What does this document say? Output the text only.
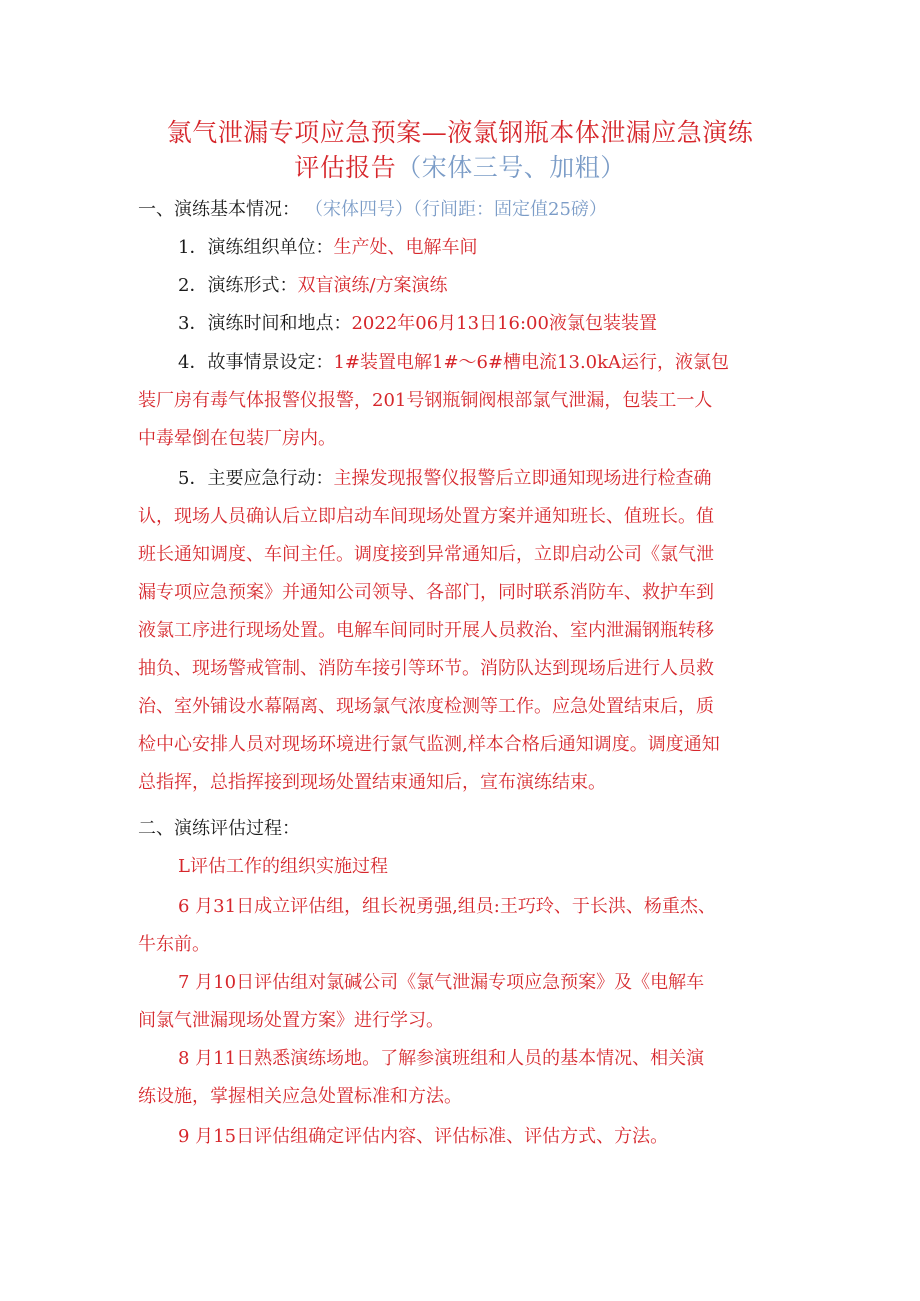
氯气泄漏专项应急预案—液氯钢瓶本体泄漏应急演练
评估报告（宋体三号、加粗）
一、演练基本情况： （宋体四号）（行间距：固定值25磅）
1．演练组织单位：生产处、电解车间
2．演练形式：双盲演练/方案演练
3．演练时间和地点：2022年06月13日16:00液氯包装装置
4．故事情景设定：1#装置电解1#～6#槽电流13.0kA运行，液氯包
装厂房有毒气体报警仪报警，201号钢瓶铜阀根部氯气泄漏，包装工一人
中毒晕倒在包装厂房内。
5．主要应急行动：主操发现报警仪报警后立即通知现场进行检查确
认，现场人员确认后立即启动车间现场处置方案并通知班长、值班长。值
班长通知调度、车间主任。调度接到异常通知后，立即启动公司《氯气泄
漏专项应急预案》并通知公司领导、各部门，同时联系消防车、救护车到
液氯工序进行现场处置。电解车间同时开展人员救治、室内泄漏钢瓶转移
抽负、现场警戒管制、消防车接引等环节。消防队达到现场后进行人员救
治、室外铺设水幕隔离、现场氯气浓度检测等工作。应急处置结束后，质
检中心安排人员对现场环境进行氯气监测,样本合格后通知调度。调度通知
总指挥，总指挥接到现场处置结束通知后，宣布演练结束。
二、演练评估过程：
L评估工作的组织实施过程
6 月31日成立评估组，组长祝勇强,组员:王巧玲、于长洪、杨重杰、
牛东前。
7 月10日评估组对氯碱公司《氯气泄漏专项应急预案》及《电解车
间氯气泄漏现场处置方案》进行学习。
8 月11日熟悉演练场地。了解参演班组和人员的基本情况、相关演
练设施，掌握相关应急处置标准和方法。
9 月15日评估组确定评估内容、评估标准、评估方式、方法。
